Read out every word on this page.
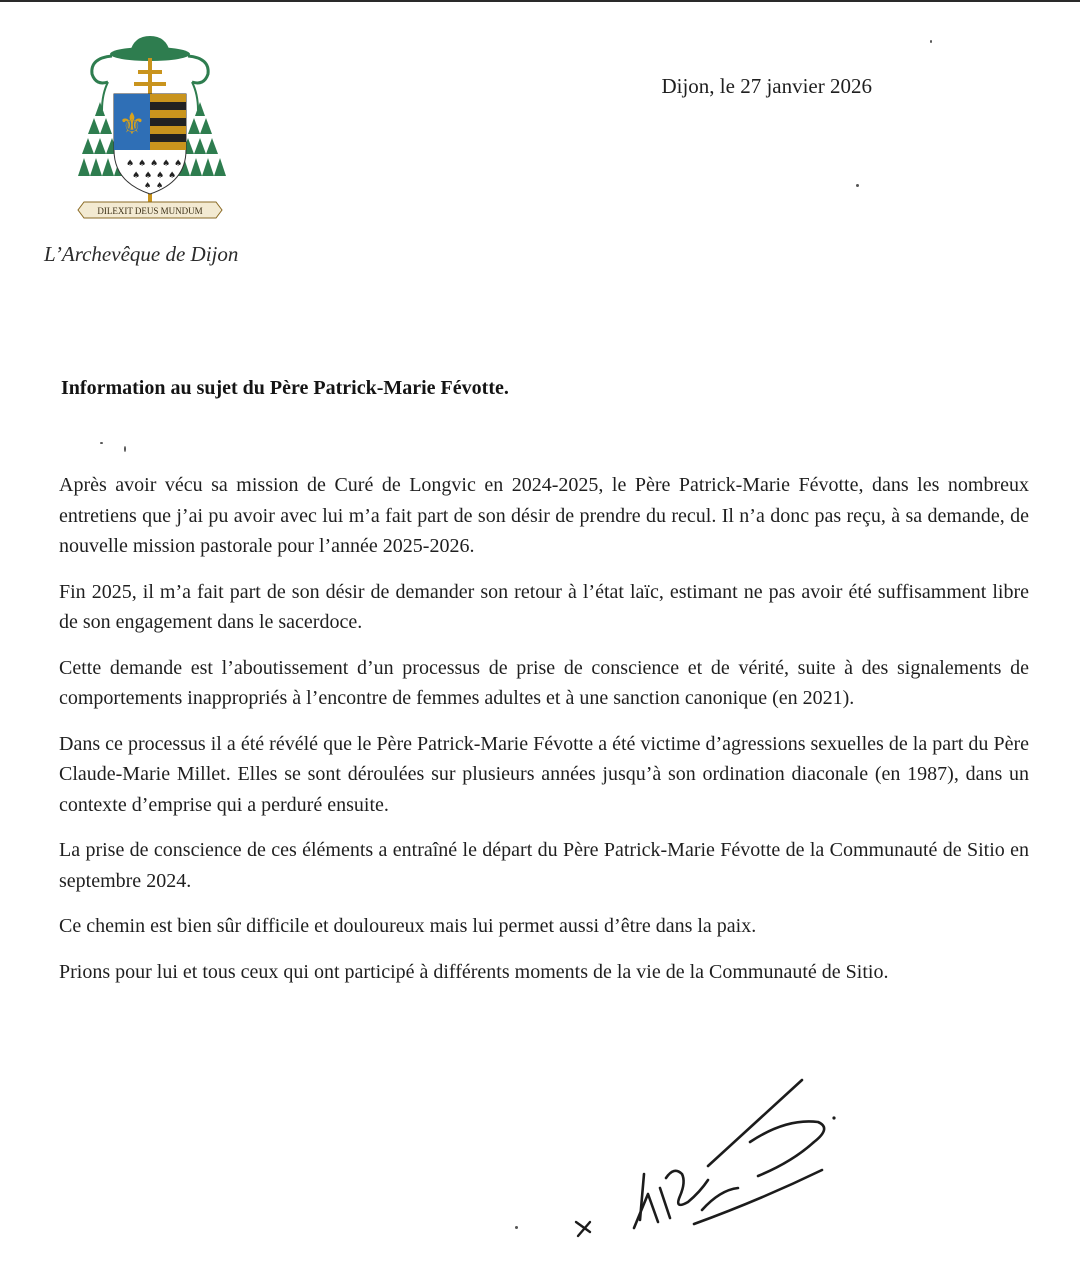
⚜
♠ ♠ ♠ ♠ ♠
♠ ♠ ♠ ♠
♠ ♠
DILEXIT DEUS MUNDUM
L’Archevêque de Dijon
Dijon, le 27 janvier 2026
Information au sujet du Père Patrick-Marie Févotte.

Après avoir vécu sa mission de Curé de Longvic en 2024-2025, le Père Patrick-Marie Févotte, dans les nombreux entretiens que j’ai pu avoir avec lui m’a fait part de son désir de prendre du recul. Il n’a donc pas reçu, à sa demande, de nouvelle mission pastorale pour l’année 2025-2026.

Fin 2025, il m’a fait part de son désir de demander son retour à l’état laïc, estimant ne pas avoir été suffisamment libre de son engagement dans le sacerdoce.

Cette demande est l’aboutissement d’un processus de prise de conscience et de vérité, suite à des signalements de comportements inappropriés à l’encontre de femmes adultes et à une sanction canonique (en 2021).

Dans ce processus il a été révélé que le Père Patrick-Marie Févotte a été victime d’agressions sexuelles de la part du Père Claude-Marie Millet. Elles se sont déroulées sur plusieurs années jusqu’à son ordination diaconale (en 1987), dans un contexte d’emprise qui a perduré ensuite.

La prise de conscience de ces éléments a entraîné le départ du Père Patrick-Marie Févotte de la Communauté de Sitio en septembre 2024.

Ce chemin est bien sûr difficile et douloureux mais lui permet aussi d’être dans la paix.

Prions pour lui et tous ceux qui ont participé à différents moments de la vie de la Communauté de Sitio.
